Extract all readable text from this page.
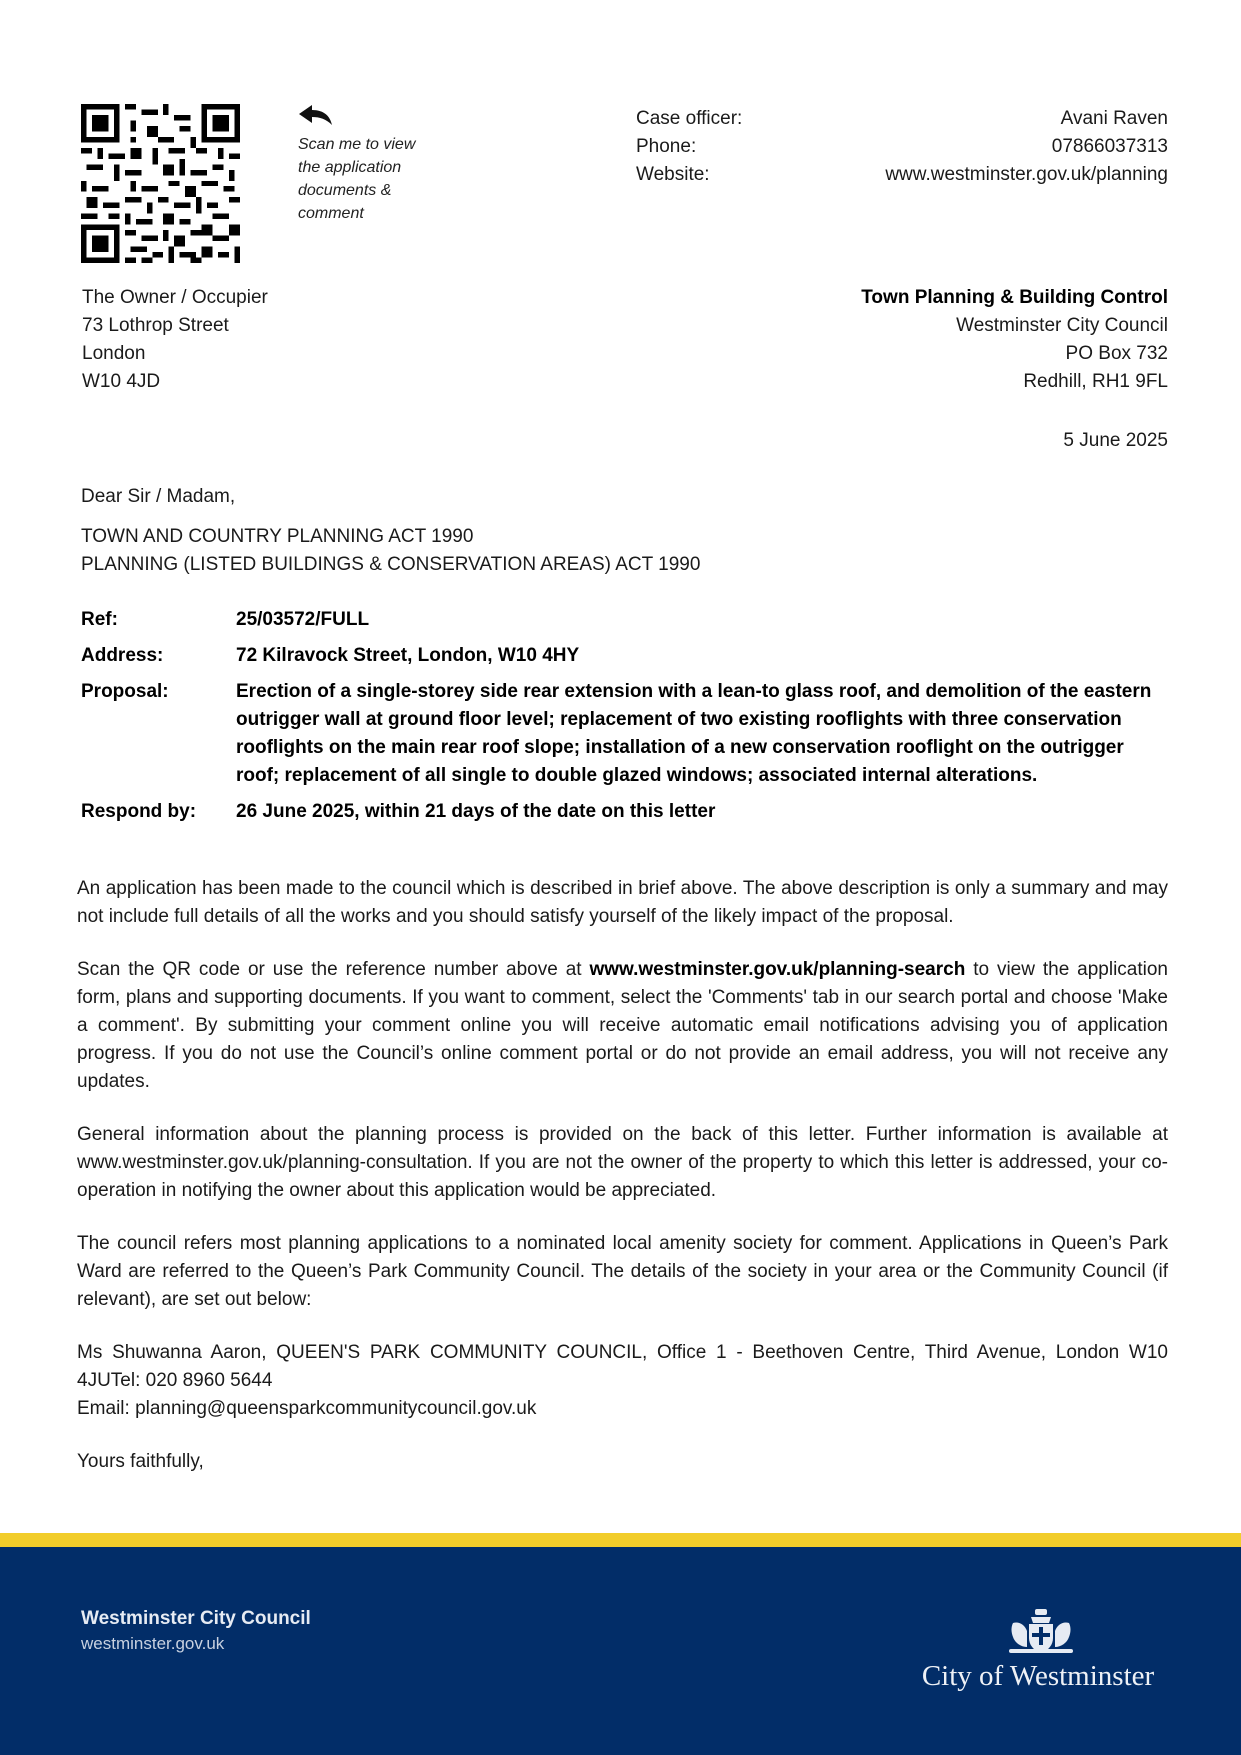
Scan me to view the application documents & comment
Case officer:	Avani Raven
Phone:	07866037313
Website:	www.westminster.gov.uk/planning
The Owner / Occupier
73 Lothrop Street
London
W10 4JD
Town Planning & Building Control
Westminster City Council
PO Box 732
Redhill, RH1 9FL
5 June 2025
Dear Sir / Madam,
TOWN AND COUNTRY PLANNING ACT 1990
PLANNING (LISTED BUILDINGS & CONSERVATION AREAS) ACT 1990
Ref:	25/03572/FULL
Address:	72 Kilravock Street, London, W10 4HY
Proposal:	Erection of a single-storey side rear extension with a lean-to glass roof, and demolition of the eastern outrigger wall at ground floor level; replacement of two existing rooflights with three conservation rooflights on the main rear roof slope; installation of a new conservation rooflight on the outrigger roof; replacement of all single to double glazed windows; associated internal alterations.
Respond by:	26 June 2025, within 21 days of the date on this letter

An application has been made to the council which is described in brief above. The above description is only a summary and may not include full details of all the works and you should satisfy yourself of the likely impact of the proposal.

Scan the QR code or use the reference number above at www.westminster.gov.uk/planning-search to view the application form, plans and supporting documents. If you want to comment, select the 'Comments' tab in our search portal and choose 'Make a comment'. By submitting your comment online you will receive automatic email notifications advising you of application progress. If you do not use the Council’s online comment portal or do not provide an email address, you will not receive any updates.

General information about the planning process is provided on the back of this letter. Further information is available at www.westminster.gov.uk/planning-consultation. If you are not the owner of the property to which this letter is addressed, your co-operation in notifying the owner about this application would be appreciated.

The council refers most planning applications to a nominated local amenity society for comment. Applications in Queen’s Park Ward are referred to the Queen’s Park Community Council. The details of the society in your area or the Community Council (if relevant), are set out below:

Ms Shuwanna Aaron, QUEEN'S PARK COMMUNITY COUNCIL, Office 1 - Beethoven Centre, Third Avenue, London W10 4JUTel: 020 8960 5644
Email: planning@queensparkcommunitycouncil.gov.uk

Yours faithfully,

Westminster City Council
westminster.gov.uk
City of Westminster
